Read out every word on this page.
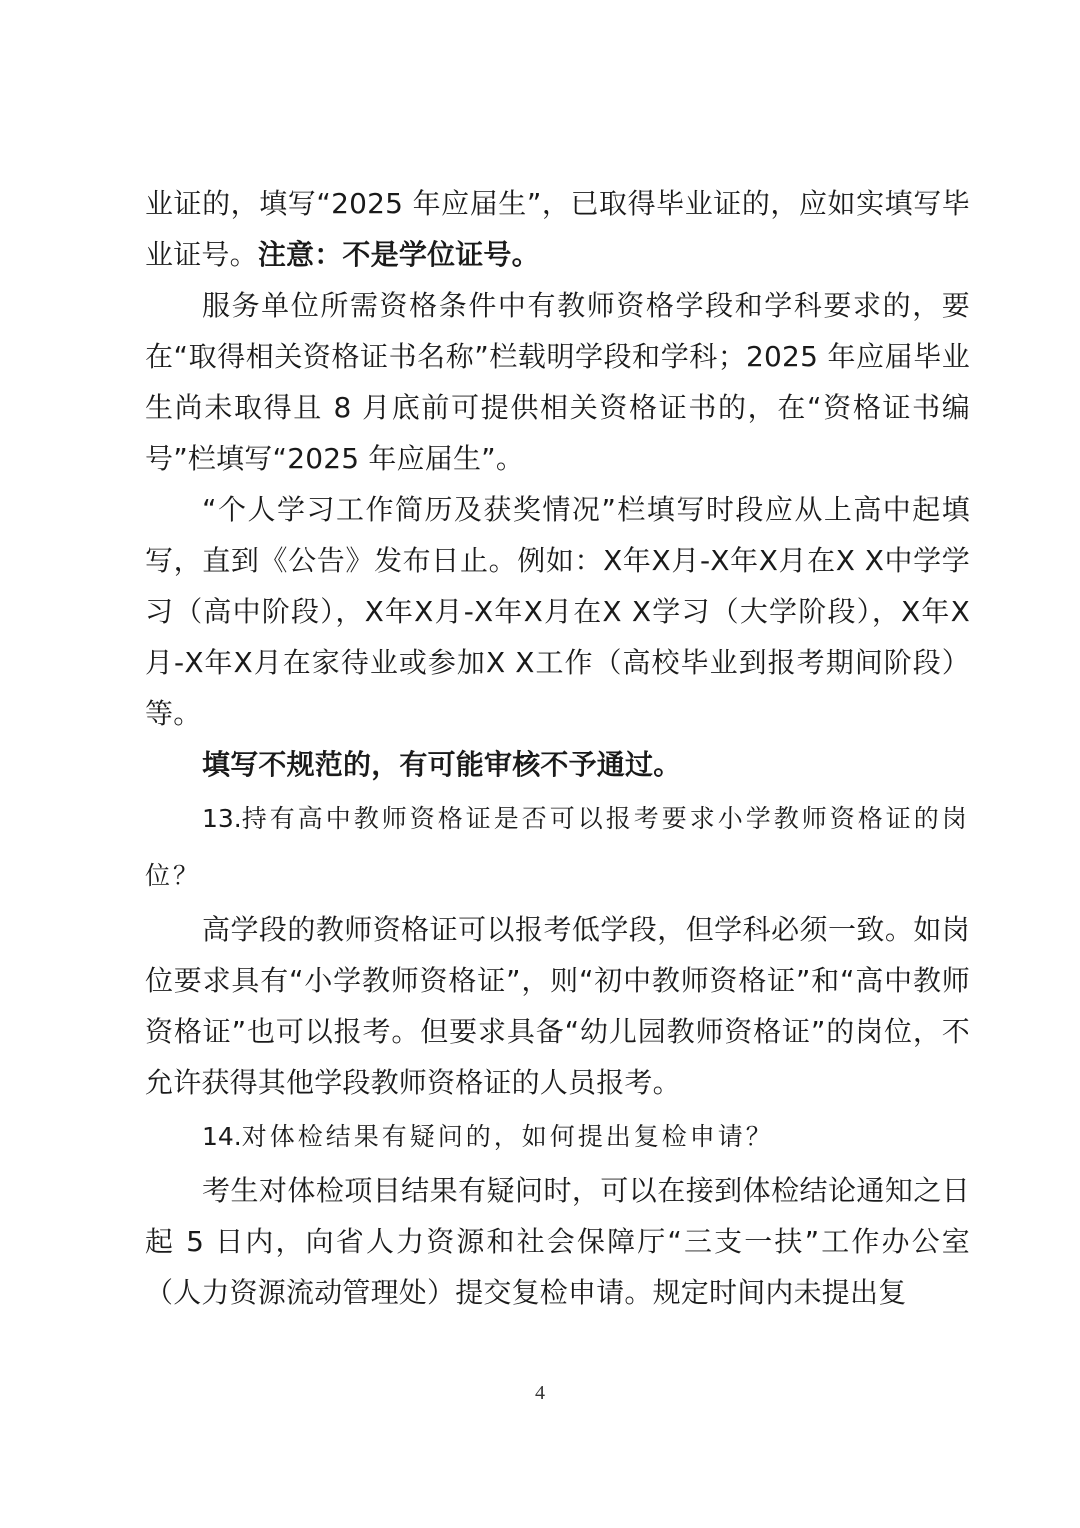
业证的，填写“2025 年应届生”，已取得毕业证的，应如实填写毕业证号。注意：不是学位证号。

服务单位所需资格条件中有教师资格学段和学科要求的，要在“取得相关资格证书名称”栏载明学段和学科；2025 年应届毕业生尚未取得且 8 月底前可提供相关资格证书的，在“资格证书编号”栏填写“2025 年应届生”。

“个人学习工作简历及获奖情况”栏填写时段应从上高中起填写，直到《公告》发布日止。例如：X年X月-X年X月在X X中学学习（高中阶段），X年X月-X年X月在X X学习（大学阶段），X年X月-X年X月在家待业或参加X X工作（高校毕业到报考期间阶段）等。

填写不规范的，有可能审核不予通过。

13.持有高中教师资格证是否可以报考要求小学教师资格证的岗位？

高学段的教师资格证可以报考低学段，但学科必须一致。如岗位要求具有“小学教师资格证”，则“初中教师资格证”和“高中教师资格证”也可以报考。但要求具备“幼儿园教师资格证”的岗位，不允许获得其他学段教师资格证的人员报考。

14.对体检结果有疑问的，如何提出复检申请？

考生对体检项目结果有疑问时，可以在接到体检结论通知之日起 5 日内，向省人力资源和社会保障厅“三支一扶”工作办公室（人力资源流动管理处）提交复检申请。规定时间内未提出复

4
